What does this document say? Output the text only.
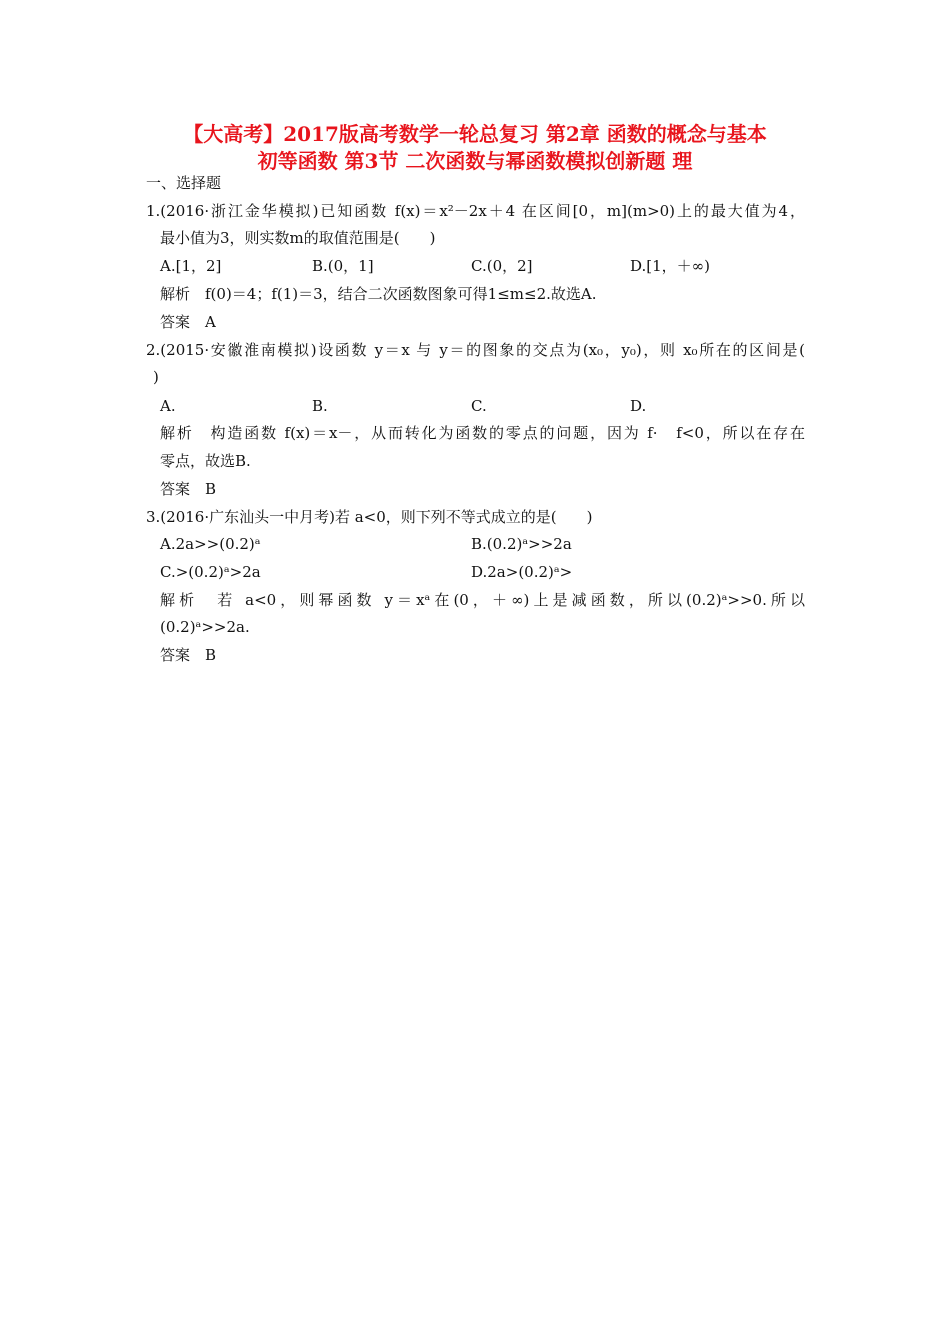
【大高考】2017版高考数学一轮总复习 第2章 函数的概念与基本
初等函数 第3节 二次函数与幂函数模拟创新题 理
一、选择题
1.(2016·浙江金华模拟)已知函数 f(x)＝x²－2x＋4 在区间[0，m](m>0)上的最大值为4，
最小值为3，则实数m的取值范围是(　　)
A.[1，2]	B.(0，1]	C.(0，2]	D.[1，＋∞)
解析　f(0)＝4；f(1)＝3，结合二次函数图象可得1≤m≤2.故选A.
答案　A
2.(2015·安徽淮南模拟)设函数 y＝x 与 y＝的图象的交点为(x₀，y₀)，则 x₀所在的区间是(
)
A.	B.	C.	D.
解析　构造函数 f(x)＝x－，从而转化为函数的零点的问题，因为 f·　f<0，所以在存在
零点，故选B.
答案　B
3.(2016·广东汕头一中月考)若 a<0，则下列不等式成立的是(　　)
A.2a>>(0.2)ᵃ	B.(0.2)ᵃ>>2a
C.>(0.2)ᵃ>2a	D.2a>(0.2)ᵃ>
解析　若 a<0，则幂函数 y＝xᵃ在(0，＋∞)上是减函数，所以(0.2)ᵃ>>0.所以
(0.2)ᵃ>>2a.
答案　B
